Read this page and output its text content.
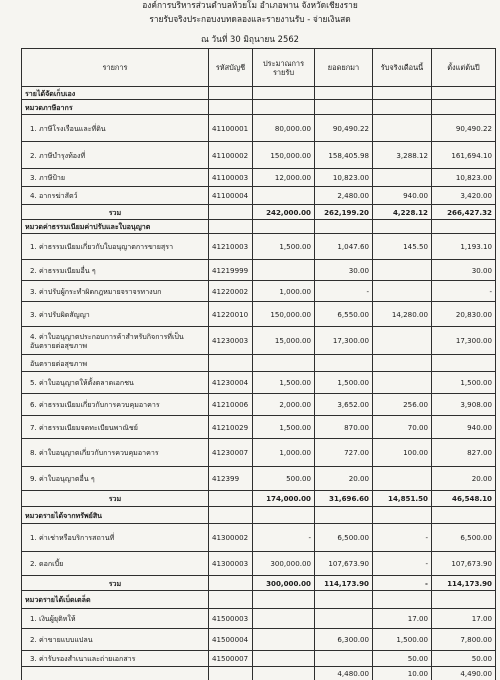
องค์การบริหารส่วนตำบลห้วยโม อำเภอพาน จังหวัดเชียงราย
รายรับจริงประกอบงบทดลองและรายงานรับ - จ่ายเงินสด
ณ วันที่ 30 มิถุนายน 2562
รายการ	รหัสบัญชี	ประมาณการ
รายรับ	ยอดยกมา	รับจริงเดือนนี้	ตั้งแต่ต้นปี
รายได้จัดเก็บเอง					
หมวดภาษีอากร					
1. ภาษีโรงเรือนและที่ดิน	41100001	80,000.00	90,490.22		90,490.22
2. ภาษีบำรุงท้องที่	41100002	150,000.00	158,405.98	3,288.12	161,694.10
3. ภาษีป้าย	41100003	12,000.00	10,823.00		10,823.00
4. อากรฆ่าสัตว์	41100004		2,480.00	940.00	3,420.00
รวม		242,000.00	262,199.20	4,228.12	266,427.32
หมวดค่าธรรมเนียมค่าปรับและใบอนุญาต					
1. ค่าธรรมเนียมเกี่ยวกับใบอนุญาตการขายสุรา	41210003	1,500.00	1,047.60	145.50	1,193.10
2. ค่าธรรมเนียมอื่น ๆ	41219999		30.00		30.00
3. ค่าปรับผู้กระทำผิดกฎหมายจราจรทางบก	41220002	1,000.00	-		-
3. ค่าปรับผิดสัญญา	41220010	150,000.00	6,550.00	14,280.00	20,830.00
4. ค่าใบอนุญาตประกอบการค้าสำหรับกิจการที่เป็นอันตรายต่อสุขภาพ	41230003	15,000.00	17,300.00		17,300.00
อันตรายต่อสุขภาพ					
5. ค่าใบอนุญาตให้ตั้งตลาดเอกชน	41230004	1,500.00	1,500.00		1,500.00
6. ค่าธรรมเนียมเกี่ยวกับการควบคุมอาคาร	41210006	2,000.00	3,652.00	256.00	3,908.00
7. ค่าธรรมเนียมจดทะเบียนพาณิชย์	41210029	1,500.00	870.00	70.00	940.00
8. ค่าใบอนุญาตเกี่ยวกับการควบคุมอาคาร	41230007	1,000.00	727.00	100.00	827.00
9. ค่าใบอนุญาตอื่น ๆ	412399	500.00	20.00		20.00
รวม		174,000.00	31,696.60	14,851.50	46,548.10
หมวดรายได้จากทรัพย์สิน					
1. ค่าเช่าหรือบริการสถานที่	41300002	-	6,500.00	-	6,500.00
2. ดอกเบี้ย	41300003	300,000.00	107,673.90	-	107,673.90
รวม		300,000.00	114,173.90	-	114,173.90
หมวดรายได้เบ็ดเตล็ด					
1. เงินผู้ยุติหให้	41500003			17.00	17.00
2. ค่าขายแบบแปลน	41500004		6,300.00	1,500.00	7,800.00
3. ค่ารับรองสำเนาและถ่ายเอกสาร	41500007			50.00	50.00
			4,480.00	10.00	4,490.00
